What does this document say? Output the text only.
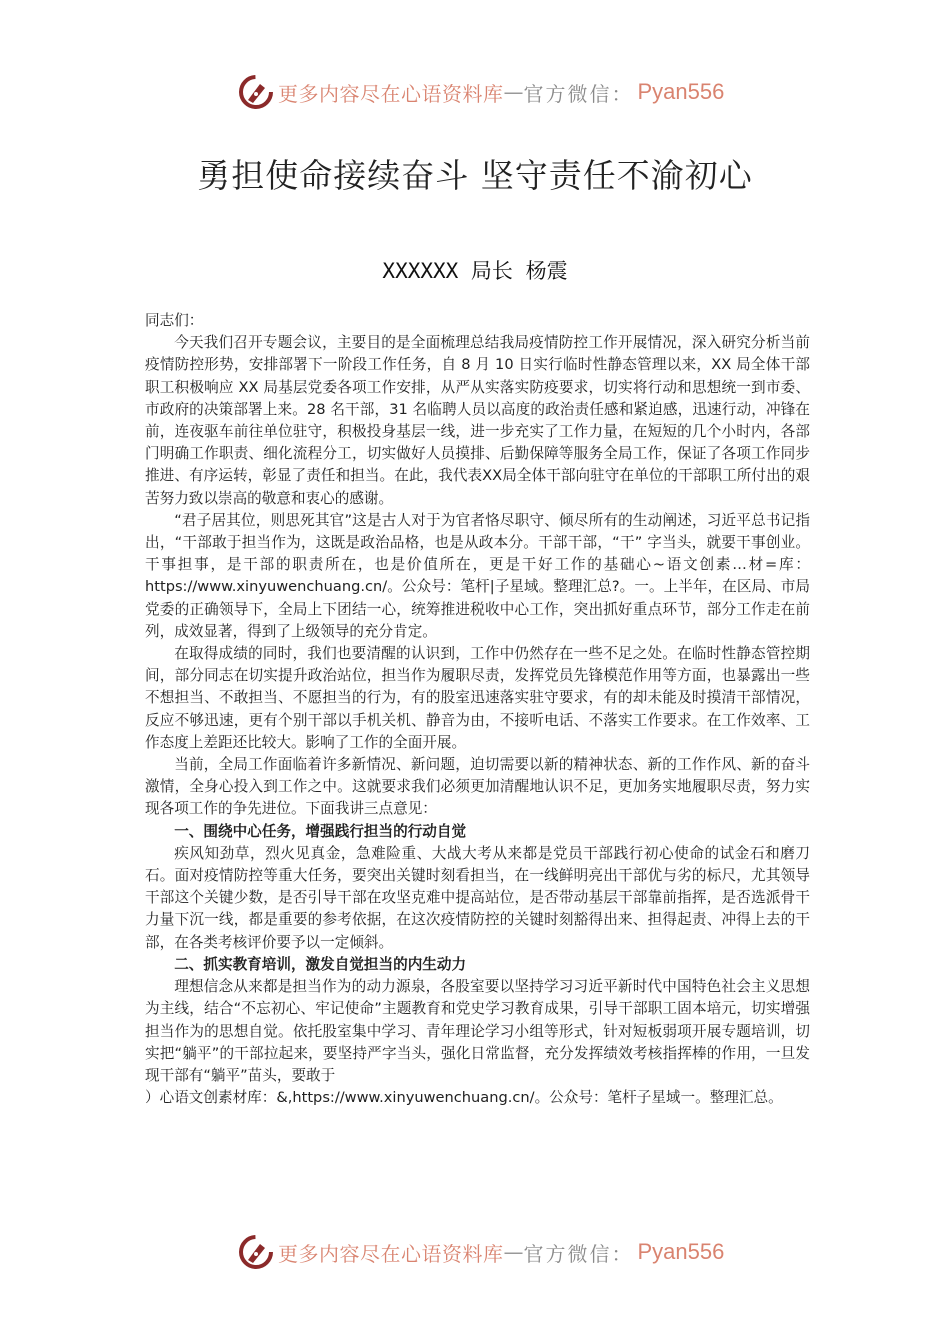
更多内容尽在心语资料库 — 官方微信： Pyan556
勇担使命接续奋斗 坚守责任不渝初心
XXXXXX 局长 杨震

同志们：

今天我们召开专题会议，主要目的是全面梳理总结我局疫情防控工作开展情况，深入研究分析当前疫情防控形势，安排部署下一阶段工作任务，自 8 月 10 日实行临时性静态管理以来，XX 局全体干部职工积极响应 XX 局基层党委各项工作安排，从严从实落实防疫要求，切实将行动和思想统一到市委、市政府的决策部署上来。28 名干部，31 名临聘人员以高度的政治责任感和紧迫感，迅速行动，冲锋在前，连夜驱车前往单位驻守，积极投身基层一线，进一步充实了工作力量，在短短的几个小时内，各部门明确工作职责、细化流程分工，切实做好人员摸排、后勤保障等服务全局工作，保证了各项工作同步推进、有序运转，彰显了责任和担当。在此，我代表XX局全体干部向驻守在单位的干部职工所付出的艰苦努力致以崇高的敬意和衷心的感谢。

“君子居其位，则思死其官”这是古人对于为官者恪尽职守、倾尽所有的生动阐述，习近平总书记指出，“干部敢于担当作为，这既是政治品格，也是从政本分。干部干部，“干” 字当头，就要干事创业。干事担事，是干部的职责所在，也是价值所在，更是干好工作的基础心~语文创素…材=库：https://www.xinyuwenchuang.cn/。公众号：笔杆|子星域。整理汇总?。一。上半年，在区局、市局党委的正确领导下，全局上下团结一心，统筹推进税收中心工作，突出抓好重点环节，部分工作走在前列，成效显著，得到了上级领导的充分肯定。

在取得成绩的同时，我们也要清醒的认识到，工作中仍然存在一些不足之处。在临时性静态管控期间，部分同志在切实提升政治站位，担当作为履职尽责，发挥党员先锋模范作用等方面，也暴露出一些不想担当、不敢担当、不愿担当的行为，有的股室迅速落实驻守要求，有的却未能及时摸清干部情况，反应不够迅速，更有个别干部以手机关机、静音为由，不接听电话、不落实工作要求。在工作效率、工作态度上差距还比较大。影响了工作的全面开展。

当前，全局工作面临着许多新情况、新问题，迫切需要以新的精神状态、新的工作作风、新的奋斗激情，全身心投入到工作之中。这就要求我们必须更加清醒地认识不足，更加务实地履职尽责，努力实现各项工作的争先进位。下面我讲三点意见：

一、围绕中心任务，增强践行担当的行动自觉

疾风知劲草，烈火见真金，急难险重、大战大考从来都是党员干部践行初心使命的试金石和磨刀石。面对疫情防控等重大任务，要突出关键时刻看担当，在一线鲜明亮出干部优与劣的标尺，尤其领导干部这个关键少数，是否引导干部在攻坚克难中提高站位，是否带动基层干部靠前指挥，是否选派骨干力量下沉一线，都是重要的参考依据，在这次疫情防控的关键时刻豁得出来、担得起责、冲得上去的干部，在各类考核评价要予以一定倾斜。

二、抓实教育培训，激发自觉担当的内生动力

理想信念从来都是担当作为的动力源泉，各股室要以坚持学习习近平新时代中国特色社会主义思想为主线，结合“不忘初心、牢记使命”主题教育和党史学习教育成果，引导干部职工固本培元，切实增强担当作为的思想自觉。依托股室集中学习、青年理论学习小组等形式，针对短板弱项开展专题培训，切实把“躺平”的干部拉起来，要坚持严字当头，强化日常监督，充分发挥绩效考核指挥棒的作用，一旦发现干部有“躺平”苗头，要敢于

）心语文创素材库：&,https://www.xinyuwenchuang.cn/。公众号：笔杆子星域一。整理汇总。

更多内容尽在心语资料库 — 官方微信： Pyan556
